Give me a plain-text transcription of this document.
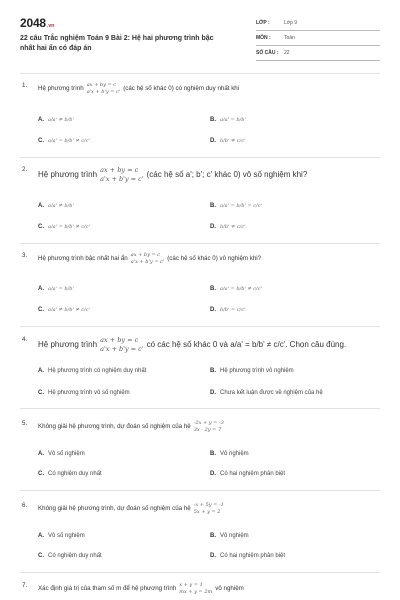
2048.vn
22 câu Trắc nghiệm Toán 9 Bài 2: Hệ hai phương trình bậc nhất hai ẩn có đáp án
LỚP :	Lớp 9
MÔN :	Toán
SỐ CÂU : 22
1. Hệ phương trình ax + by = c
a'x + b'y = c' (các hệ số khác 0) có nghiệm duy nhất khi
A. a/a' ≠ b/b'	B. a/a' = b/b'
C. a/a' = b/b' ≠ c/c'	D. b/b' ≠ c/c'
2.
Hệ phương trình ax + by = c
a'x + b'y = c' (các hệ số a'; b'; c' khác 0) vô số nghiệm khi?
A. a/a' ≠ b/b'	B. a/a' = b/b' = c/c'
C. a/a' = b/b' ≠ c/c'	D. b/b' ≠ c/c'
3. Hệ phương trình bậc nhất hai ẩn ax + by = c
a'x + b'y = c' (các hệ số khác 0) vô nghiệm khi?
A. a/a' = b/b'	B. a/a' = b/b' ≠ c/c'
C. a/a' ≠ b/b' ≠ c/c'	D. b/b' = c/c'
4.
Hệ phương trình ax + by = c
a'x + b'y = c' có các hệ số khác 0 và a/a' = b/b' ≠ c/c'. Chọn câu đúng.
A. Hệ phương trình có nghiệm duy nhất	B. Hệ phương trình vô nghiệm
C. Hệ phương trình vô số nghiệm	D. Chưa kết luận được về nghiệm của hệ
5. Không giải hệ phương trình, dự đoán số nghiệm của hệ -2x + y = -3
3x - 2y = 7
A. Vô số nghiệm	B. Vô nghiệm
C. Có nghiệm duy nhất	D. Có hai nghiệm phân biệt
6. Không giải hệ phương trình, dự đoán số nghiệm của hệ -x + 5y = -1
5x + y = 2
A. Vô số nghiệm	B. Vô nghiệm
C. Có nghiệm duy nhất	D. Có hai nghiệm phân biệt
7. Xác định giá trị của tham số m để hệ phương trình x + y = 1
mx + y = 2m vô nghiệm
